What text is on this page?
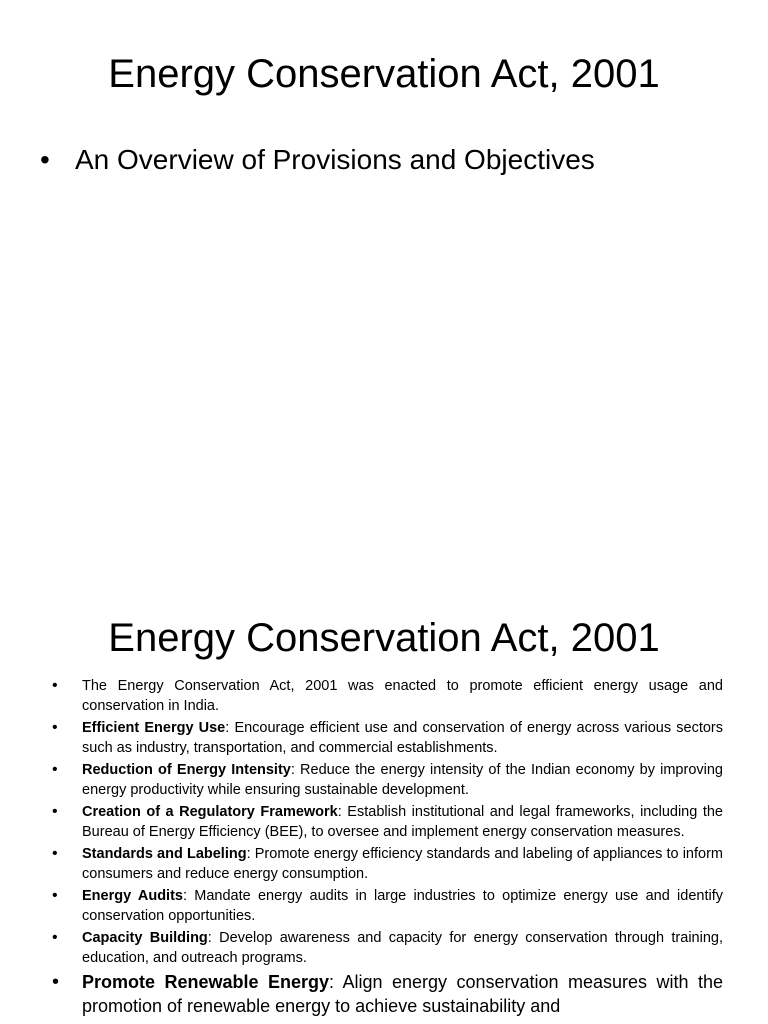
Energy Conservation Act, 2001
• An Overview of Provisions and Objectives
Energy Conservation Act, 2001
•	The Energy Conservation Act, 2001 was enacted to promote efficient energy usage and conservation in India.
•	Efficient Energy Use: Encourage efficient use and conservation of energy across various sectors such as industry, transportation, and commercial establishments.
•	Reduction of Energy Intensity: Reduce the energy intensity of the Indian economy by improving energy productivity while ensuring sustainable development.
•	Creation of a Regulatory Framework: Establish institutional and legal frameworks, including the Bureau of Energy Efficiency (BEE), to oversee and implement energy conservation measures.
•	Standards and Labeling: Promote energy efficiency standards and labeling of appliances to inform consumers and reduce energy consumption.
•	Energy Audits: Mandate energy audits in large industries to optimize energy use and identify conservation opportunities.
•	Capacity Building: Develop awareness and capacity for energy conservation through training, education, and outreach programs.
•	Promote Renewable Energy: Align energy conservation measures with the promotion of renewable energy to achieve sustainability and
